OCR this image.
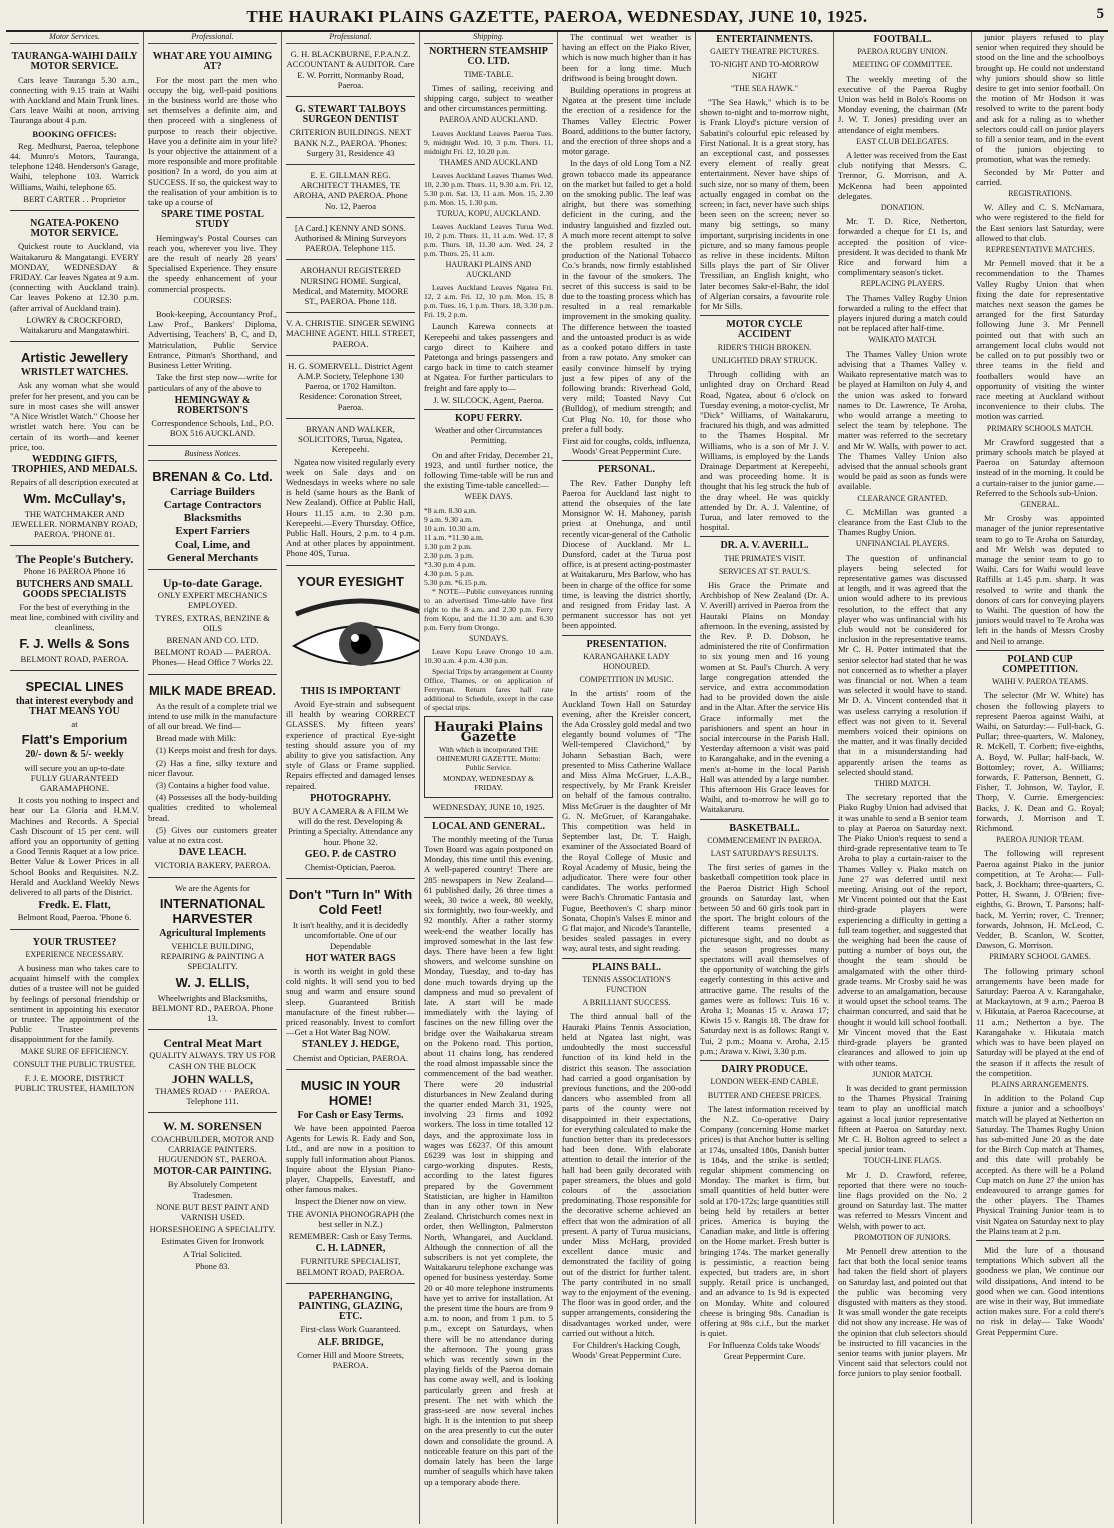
THE HAURAKI PLAINS GAZETTE, PAEROA, WEDNESDAY, JUNE 10, 1925.	5
Motor Services.
TAURANGA-WAIHI DAILY MOTOR SERVICE.

Cars leave Tauranga 5.30 a.m., connecting with 9.15 train at Waihi with Auckland and Main Trunk lines. Cars leave Waihi at noon, arriving Tauranga about 4 p.m.

BOOKING OFFICES:

Reg. Medhurst, Paeroa, telephone 44. Munro's Motors, Tauranga, telephone 1248. Henderson's Garage, Waihi, telephone 103. Warrick Williams, Waihi, telephone 65.

BERT CARTER . . Proprietor

NGATEA-POKENO MOTOR SERVICE.

Quickest route to Auckland, via Waitakaruru & Mangatangi. EVERY MONDAY, WEDNESDAY & FRIDAY. Car leaves Ngatea at 9 a.m. (connecting with Auckland train). Car leaves Pokeno at 12.30 p.m. (after arrival of Auckland train).

LOWRY & CROCKFORD, Waitakaruru and Mangatawhiri.

Artistic Jewellery
WRISTLET WATCHES.

Ask any woman what she would prefer for her present, and you can be sure in most cases she will answer "A Nice Wristlet Watch." Choose her wristlet watch here. You can be certain of its worth—and keener price, too.

WEDDING GIFTS, TROPHIES, AND MEDALS.

Repairs of all description executed at

Wm. McCullay's,

THE WATCHMAKER AND JEWELLER. NORMANBY ROAD, PAEROA. 'PHONE 81.

The People's Butchery.

Phone 16 PAEROA Phone 16

BUTCHERS AND SMALL GOODS SPECIALISTS

For the best of everything in the meat line, combined with civility and cleanliness,

F. J. Wells & Sons

BELMONT ROAD, PAEROA.

SPECIAL LINES
that interest everybody and THAT MEANS YOU

at

Flatt's Emporium
20/- down & 5/- weekly

will secure you an up-to-date FULLY GUARANTEED GARAMAPHONE.

It costs you nothing to inspect and hear our La Gloria and H.M.V. Machines and Records. A Special Cash Discount of 15 per cent. will afford you an opportunity of getting a Good Tennis Raquet at a low price. Better Value & Lower Prices in all School Books and Requisites. N.Z. Herald and Auckland Weekly News delivered to all parts of the District.

Fredk. E. Flatt,

Belmont Road, Paeroa. 'Phone 6.

YOUR TRUSTEE?
EXPERIENCE NECESSARY.

A business man who takes care to acquaint himself with the complex duties of a trustee will not be guided by feelings of personal friendship or sentiment in appointing his executor or trustee. The appointment of the Public Trustee prevents disappointment for the family.

MAKE SURE OF EFFICIENCY.
CONSULT THE PUBLIC TRUSTEE.

F. J. E. MOORE, DISTRICT PUBLIC TRUSTEE, HAMILTON

Professional.
WHAT ARE YOU AIMING AT?

For the most part the men who occupy the big, well-paid positions in the business world are those who set themselves a definite aim, and then proceed with a singleness of purpose to reach their objective. Have you a definite aim in your life? Is your objective the attainment of a more responsible and more profitable position? In a word, do you aim at SUCCESS. If so, the quickest way to the realisation of your ambition is to take up a course of

SPARE TIME POSTAL STUDY

Hemingway's Postal Courses can reach you, wherever you live. They are the result of nearly 28 years' Specialised Experience. They ensure the speedy enhancement of your commercial prospects.

COURSES:

Book-keeping, Accountancy Prof., Law Prof., Bankers' Diploma, Advertising, Teachers' B, C, and D, Matriculation, Public Service Entrance, Pitman's Shorthand, and Business Letter Writing.

Take the first step now—write for particulars of any of the above to

HEMINGWAY & ROBERTSON'S

Correspondence Schools, Ltd., P.O. BOX 516 AUCKLAND.

Business Notices.
BRENAN & Co. Ltd.
Carriage Builders
Cartage Contractors
Blacksmiths
Expert Farriers
Coal, Lime, and
General Merchants
Up-to-date Garage.

ONLY EXPERT MECHANICS EMPLOYED.

TYRES, EXTRAS, BENZINE & OILS

BRENAN AND CO. LTD.

BELMONT ROAD — PAEROA. Phones— Head Office 7 Works 22.

MILK MADE BREAD.

As the result of a complete trial we intend to use milk in the manufacture of all our bread. We find—

Bread made with Milk:

(1) Keeps moist and fresh for days.

(2) Has a fine, silky texture and nicer flavour.

(3) Contains a higher food value.

(4) Possesses all the body-building qualities credited to wholemeal bread.

(5) Gives our customers greater value at no extra cost.

DAVE LEACH.

VICTORIA BAKERY, PAEROA.

We are the Agents for

INTERNATIONAL HARVESTER
Agricultural Implements

VEHICLE BUILDING, REPAIRING & PAINTING A SPECIALITY.

W. J. ELLIS,

Wheelwrights and Blacksmiths, BELMONT RD., PAEROA. Phone 13.

Central Meat Mart

QUALITY ALWAYS. TRY US FOR CASH ON THE BLOCK

JOHN WALLS,

THAMES ROAD · · · PAEROA. Telephone 111.

W. M. SORENSEN

COACHBUILDER, MOTOR AND CARRIAGE PAINTERS. HUGUENDON ST., PAEROA.

MOTOR-CAR PAINTING.

By Absolutely Competent Tradesmen.

NONE BUT BEST PAINT AND VARNISH USED.

HORSESHOEING A SPECIALITY.

Estimates Given for Ironwork

A Trial Solicited.

Phone 83.

Professional.

G. H. BLACKBURNE, F.P.A.N.Z. ACCOUNTANT & AUDITOR. Care E. W. Porritt, Normanby Road, Paeroa.

G. STEWART TALBOYS SURGEON DENTIST

CRITERION BUILDINGS. NEXT BANK N.Z., PAEROA. 'Phones: Surgery 31, Residence 43

E. E. GILLMAN REG. ARCHITECT THAMES, TE AROHA, AND PAEROA. Phone No. 12, Paeroa

[A Card.] KENNY AND SONS. Authorised & Mining Surveyors PAEROA. Telephone 115.

AROHANUI REGISTERED NURSING HOME. Surgical, Medical, and Maternity. MOORE ST., PAEROA. Phone 118.

V. A. CHRISTIE. SINGER SEWING MACHINE AGENT. HILL STREET, PAEROA.

H. G. SOMERVELL. District Agent A.M.P. Society, Telephone 130 Paeroa, or 1702 Hamilton. Residence: Coronation Street, Paeroa.

BRYAN AND WALKER, SOLICITORS, Turua, Ngatea, Kerepeehi.

Ngatea now visited regularly every week on Sale days and on Wednesdays in weeks where no sale is held (same hours as the Bank of New Zealand). Office at Public Hall, Hours 11.15 a.m. to 2.30 p.m. Kerepeehi.—Every Thursday. Office, Public Hall. Hours, 2 p.m. to 4 p.m. And at other places by appointment. Phone 40S, Turua.

YOUR EYESIGHT
THIS IS IMPORTANT

Avoid Eye-strain and subsequent ill health by wearing CORRECT GLASSES. My fifteen years' experience of practical Eye-sight testing should assure you of my ability to give you satisfaction. Any style of Glass or Frame supplied. Repairs effected and damaged lenses repaired.

PHOTOGRAPHY.

BUY A CAMERA & A FILM We will do the rest. Developing & Printing a Specialty. Attendance any hour. Phone 32.

GEO. P. de CASTRO

Chemist-Optician, Paeroa.

Don't "Turn In" With Cold Feet!

It isn't healthy, and it is decidedly uncomfortable. One of our Dependable

HOT WATER BAGS

is worth its weight in gold these cold nights. It will send you to bed snug and warm and ensure sound sleep. Guaranteed British manufacture of the finest rubber—priced reasonably. Invest to comfort—Get a Hot Water Bag NOW.

STANLEY J. HEDGE,

Chemist and Optician, PAEROA.

MUSIC IN YOUR HOME!
For Cash or Easy Terms.

We have been appointed Paeroa Agents for Lewis R. Eady and Son, Ltd., and are now in a position to supply full information about Pianos. Inquire about the Elysian Piano-player, Chappells, Eavestaff, and other famous makes.

Inspect the Diener now on view.

THE AVONIA PHONOGRAPH (the best seller in N.Z.)

REMEMBER: Cash or Easy Terms.

C. H. LADNER,

FURNITURE SPECIALIST, BELMONT ROAD, PAEROA.

PAPERHANGING, PAINTING, GLAZING, ETC.

First-class Work Guaranteed.

ALF. BRIDGE,

Corner Hill and Moore Streets, PAEROA.

Shipping.
NORTHERN STEAMSHIP CO. LTD.
TIME-TABLE.

Times of sailing, receiving and shipping cargo, subject to weather and other circumstances permitting.

PAEROA AND AUCKLAND.

Leaves Auckland Leaves Paeroa Tues. 9, midnight Wed. 10, 3 p.m. Thurs. 11, midnight Fri. 12, 10.20 p.m.

THAMES AND AUCKLAND

Leaves Auckland Leaves Thames Wed. 10, 2.30 p.m. Thurs. 11, 9.30 a.m. Fri. 12, 5.30 p.m. Sat. 13, 11 a.m. Mon. 15, 2.30 p.m. Mon. 15, 1.30 p.m.

TURUA, KOPU, AUCKLAND.

Leaves Auckland Leaves Turua Wed. 10, 2 p.m. Thurs. 11, 11 a.m. Wed. 17, 8 p.m. Thurs. 18, 11.30 a.m. Wed. 24, 2 p.m. Thurs. 25, 11 a.m.

HAURAKI PLAINS AND AUCKLAND

Leaves Auckland Leaves Ngatea Fri. 12, 2 a.m. Fri. 12, 10 p.m. Mon. 15, 8 p.m. Tues. 16, 1 p.m. Thurs. 18, 3.30 p.m. Fri. 19, 2 p.m.

Launch Karewa connects at Kerepeehi and takes passengers and cargo direct to Kaihere and Patetonga and brings passengers and cargo back in time to catch steamer at Ngatea. For further particulars to freight and fare apply to—

J. W. SILCOCK, Agent, Paeroa.

KOPU FERRY.
Weather and other Circumstances Permitting.

On and after Friday, December 21, 1923, and until further notice, the following Time-table will be run and the existing Time-table cancelled:—

WEEK DAYS.
*8 a.m. 8.30 a.m.
9 a.m. 9.30 a.m.
10 a.m. 10.30 a.m.
11 a.m. *11.30 a.m.
1.30 p.m 2 p.m.
2.30 p.m. 3 p.m.
*3.30 p.m 4 p.m.
4.30 p.m. 5 p.m.
5.30 p.m. *6.15 p.m.

* NOTE—Public conveyances running to an advertised Time-table have first right to the 8 a.m. and 2.30 p.m. Ferry from Kopu, and the 11.30 a.m. and 6.30 p.m. Ferry from Orongo.

SUNDAYS.

Leave Kopu Leave Orongo 10 a.m. 10.30 a.m. 4 p.m. 4.30 p.m.

Special Trips by arrangement at County Office, Thames, or on application of Ferryman. Return fares half rate additional to Schedule, except in the case of special trips.

Hauraki Plains Gazette

With which is incorporated THE OHINEMURI GAZETTE. Motto: Public Service.

MONDAY, WEDNESDAY & FRIDAY.

WEDNESDAY, JUNE 10, 1925.

LOCAL AND GENERAL.

The monthly meeting of the Turua Town Board was again postponed on Monday, this time until this evening. A well-papered country! There are 285 newspapers in New Zealand—61 published daily, 26 three times a week, 30 twice a week, 80 weekly, six fortnightly, two four-weekly, and 92 monthly. After a rather stormy week-end the weather locally has improved somewhat in the last few days. There have been a few light showers, and welcome sunshine on Monday, Tuesday, and to-day has done much towards drying up the dampness and mud so prevalent of late. A start will be made immediately with the laying of fascines on the new filling over the bridge over the Waihakarua stream on the Pokeno road. This portion, about 11 chains long, has rendered the road almost impassable since the commencement of the bad weather. There were 20 industrial disturbances in New Zealand during the quarter ended March 31, 1925, involving 23 firms and 1092 workers. The loss in time totalled 12 days, and the approximate loss in wages was £6237. Of this amount £6239 was lost in shipping and cargo-working disputes. Rests, according to the latest figures prepared by the Government Statistician, are higher in Hamilton than in any other town in New Zealand. Christchurch comes next in order, then Wellington, Palmerston North, Whangarei, and Auckland. Although the connection of all the subscribers is not yet complete, the Waitakaruru telephone exchange was opened for business yesterday. Some 20 or 40 more telephone instruments have yet to arrive for installation. At the present time the hours are from 9 a.m. to noon, and from 1 p.m. to 5 p.m., except on Saturdays, when there will be no attendance during the afternoon. The young grass which was recently sown in the playing fields of the Paeroa domain has come away well, and is looking particularly green and fresh at present. The net with which the grass-seed are now several inches high. It is the intention to put sheep on the area presently to cut the outer down and consolidate the ground. A noticeable feature on this part of the domain lately has been the large number of seagulls which have taken up a temporary abode there.

The continual wet weather is having an effect on the Piako River, which is now much higher than it has been for a long time. Much driftwood is being brought down.

Building operations in progress at Ngatea at the present time include the erection of a residence for the Thames Valley Electric Power Board, additions to the butter factory, and the erection of three shops and a motor garage.

In the days of old Long Tom a NZ grown tobacco made its appearance on the market but failed to get a hold on the smoking public. The leaf was alright, but there was something deficient in the curing, and the industry languished and fizzled out. A much more recent attempt to solve the problem resulted in the production of the National Tobacco Co.'s brands, now firmly established in the favour of the smokers. The secret of this success is said to be due to the toasting process which has resulted in a real remarkable improvement in the smoking quality. The difference between the toasted and the untoasted product is as wide as a cooked potato differs in taste from a raw potato. Any smoker can easily convince himself by trying just a few pipes of any of the following brands: Riverhead Gold, very mild; Toasted Navy Cut (Bulldog), of medium strength; and Cut Plug No. 10, for those who prefer a full body.

First aid for coughs, colds, influenza, Woods' Great Peppermint Cure.

PERSONAL.

The Rev. Father Dunphy left Paeroa for Auckland last night to attend the obsequies of the late Monsignor W. H. Mahoney, parish priest at Onehunga, and until recently vicar-general of the Catholic Diocese of Auckland. Mr L. Dunsford, cadet at the Turua post office, is at present acting-postmaster at Waitakaruru, Mrs Barlow, who has been in charge of the office for some time, is leaving the district shortly, and resigned from Friday last. A permanent successor has not yet been appointed.

PRESENTATION.
KARANGAHAKE LADY HONOURED.
COMPETITION IN MUSIC.

In the artists' room of the Auckland Town Hall on Saturday evening, after the Kreisler concert, the Ada Crossley gold medal and two elegantly bound volumes of "The Well-tempered Clavichord," by Johann Sebastian Bach, were presented to Miss Catherine Wallace and Miss Alma McGruer, L.A.B., respectively, by Mr Frank Kreisler on behalf of the famous contralto. Miss McGruer is the daughter of Mr G. N. McGruer, of Karangahake. This competition was held in September last, Dr. T. Haigh, examiner of the Associated Board of the Royal College of Music and Royal Academy of Music, being the adjudicator. There were four other candidates. The works performed were Bach's Chromatic Fantasia and Fugue, Beethoven's C sharp minor Sonata, Chopin's Valses E minor and G flat major, and Nicode's Tarantelle, besides sealed passages in every way, aural tests, and sight reading.

PLAINS BALL.
TENNIS ASSOCIATION'S FUNCTION
A BRILLIANT SUCCESS.

The third annual ball of the Hauraki Plains Tennis Association, held at Ngatea last night, was undoubtedly the most successful function of its kind held in the district this season. The association had carried a good organisation by previous functions, and the 200-odd dancers who assembled from all parts of the county were not disappointed in their expectations, for everything calculated to make the function better than its predecessors had been done. With elaborate attention to detail the interior of the hall had been gaily decorated with paper streamers, the blues and gold colours of the association predominating. Those responsible for the decorative scheme achieved an effect that won the admiration of all present. A party of Turua musicians, under Miss McHarg, provided excellent dance music and demonstrated the facility of going out of the district for further talent. The party contributed in no small way to the enjoyment of the evening. The floor was in good order, and the supper arrangements, considering the disadvantages worked under, were carried out without a hitch.

For Children's Hacking Cough, Woods' Great Peppermint Cure.

ENTERTAINMENTS.
GAIETY THEATRE PICTURES.
TO-NIGHT AND TO-MORROW NIGHT
"THE SEA HAWK."

"The Sea Hawk," which is to be shown to-night and to-morrow night, is Frank Lloyd's picture version of Sabatini's colourful epic released by First National. It is a great story, has an exceptional cast, and possesses every element of really great entertainment. Never have ships of such size, nor so many of them, been actually engaged in combat on the screen; in fact, never have such ships been seen on the screen; never so many big settings, so many important, surprising incidents in one picture, and so many famous people as relive in these incidents. Milton Sills plays the part of Sir Oliver Tressilian, an English knight, who later becomes Sakr-el-Bahr, the idol of Algerian corsairs, a favourite role for Mr Sills.

MOTOR CYCLE ACCIDENT
RIDER'S THIGH BROKEN.
UNLIGHTED DRAY STRUCK.

Through colliding with an unlighted dray on Orchard Read Road, Ngatea, about 6 o'clock on Tuesday evening, a motor-cyclist, Mr "Dick" Williams, of Waitakaruru, fractured his thigh, and was admitted to the Thames Hospital. Mr Williams, who is a son of Mr J. V. Williams, is employed by the Lands Drainage Department at Kerepeehi, and was proceeding home. It is thought that his leg struck the hub of the dray wheel. He was quickly attended by Dr. A. J. Valentine, of Turua, and later removed to the hospital.

DR. A. V. AVERILL.
THE PRIMATE'S VISIT.
SERVICES AT ST. PAUL'S.

His Grace the Primate and Archbishop of New Zealand (Dr. A. V. Averill) arrived in Paeroa from the Hauraki Plains on Monday afternoon. In the evening, assisted by the Rev. P. D. Dobson, he administered the rite of Confirmation to six young men and 16 young women at St. Paul's Church. A very large congregation attended the service, and extra accommodation had to be provided down the aisle and in the Altar. After the service His Grace informally met the parishioners and spent an hour in social intercourse in the Parish Hall. Yesterday afternoon a visit was paid to Karangahake, and in the evening a men's at-home in the local Parish Hall was attended by a large number. This afternoon His Grace leaves for Waihi, and to-morrow he will go to Waitakaruru.

BASKETBALL.
COMMENCEMENT IN PAEROA.
LAST SATURDAY'S RESULTS.

The first series of games in the basketball competition took place in the Paeroa District High School grounds on Saturday last, when between 50 and 60 girls took part in the sport. The bright colours of the different teams presented a picturesque sight, and no doubt as the season progresses many spectators will avail themselves of the opportunity of watching the girls eagerly contesting in this active and attractive game. The results of the games were as follows: Tuis 16 v. Aroha 1; Moanas 15 v. Arawa 17; Kiwis 15 v. Rangis 18. The draw for Saturday next is as follows: Rangi v. Tui, 2 p.m.; Moana v. Aroha, 2.15 p.m.; Arawa v. Kiwi, 3.30 p.m.

DAIRY PRODUCE.
LONDON WEEK-END CABLE.
BUTTER AND CHEESE PRICES.

The latest information received by the N.Z. Co-operative Dairy Company (concerning Home market prices) is that Anchor butter is selling at 174s, unsalted 180s, Danish butter is 184s, and the strike is settled; regular shipment commencing on Monday. The market is firm, but small quantities of held butter were sold at 170-172s; large quantities still being held by retailers at better prices. America is buying the Canadian make, and little is offering on the Home market. Fresh butter is bringing 174s. The market generally is pessimistic, a reaction being expected, but traders are, in short supply. Retail price is unchanged, and an advance to 1s 9d is expected on Monday. White and coloured cheese is bringing 98s. Canadian is offering at 98s c.i.f., but the market is quiet.

For Influenza Colds take Woods' Great Peppermint Cure.

FOOTBALL.
PAEROA RUGBY UNION.
MEETING OF COMMITTEE.

The weekly meeting of the executive of the Paeroa Rugby Union was held in Bolo's Rooms on Monday evening, the chairman (Mr J. W. T. Jones) presiding over an attendance of eight members.

EAST CLUB DELEGATES.

A letter was received from the East club notifying that Messrs. C. Trennor, G. Morrison, and A. McKenna had been appointed delegates.

DONATION.

Mr. T. D. Rice, Netherton, forwarded a cheque for £1 1s, and accepted the position of vice-president. It was decided to thank Mr Rice and forward him a complimentary season's ticket.

REPLACING PLAYERS.

The Thames Valley Rugby Union forwarded a ruling to the effect that players injured during a match could not be replaced after half-time.

WAIKATO MATCH.

The Thames Valley Union wrote advising that a Thames Valley v. Waikato representative match was to be played at Hamilton on July 4, and the union was asked to forward names to Dr. Lawrence, Te Aroha, who would arrange a meeting to select the team by telephone. The matter was referred to the secretary and Mr W. Walls, with power to act. The Thames Valley Union also advised that the annual schools grant would be paid as soon as funds were available.

CLEARANCE GRANTED.

C. McMillan was granted a clearance from the East Club to the Thames Rugby Union.

UNFINANCIAL PLAYERS.

The question of unfinancial players being selected for representative games was discussed at length, and it was agreed that the union would adhere to its previous resolution, to the effect that any player who was unfinancial with his club would not be considered for inclusion in the representative teams. Mr C. H. Potter intimated that the senior selector had stated that he was not concerned as to whether a player was financial or not. When a team was selected it would have to stand. Mr D. A. Vincent contended that it was useless carrying a resolution if effect was not given to it. Several members voiced their opinions on the matter, and it was finally decided that in a misunderstanding had apparently arisen the teams as selected should stand.

THIRD MATCH.

The secretary reported that the Piako Rugby Union had advised that it was unable to send a B senior team to play at Paeroa on Saturday next. The Piako Union's request to send a third-grade representative team to Te Aroha to play a curtain-raiser to the Thames Valley v. Piako match on June 27 was deferred until next meeting. Arising out of the report, Mr Vincent pointed out that the East third-grade players were experiencing a difficulty in getting a full team together, and suggested that the weighing had been the cause of putting a number of boys out, the thought the team should be amalgamated with the other third-grade teams. Mr Crosby said he was adverse to an amalgamation, because it would upset the school teams. The chairman concurred, and said that he thought it would kill school football. Mr Vincent moved that the East third-grade players be granted clearances and allowed to join up with other teams.

JUNIOR MATCH.

It was decided to grant permission to the Thames Physical Training team to play an unofficial match against a local junior representative fifteen at Paeroa on Saturday next. Mr C. H. Bolton agreed to select a special junior team.

TOUCH-LINE FLAGS.

Mr J. D. Crawford, referee, reported that there were no touch-line flags provided on the No. 2 ground on Saturday last. The matter was referred to Messrs Vincent and Welsh, with power to act.

PROMOTION OF JUNIORS.

Mr Pennell drew attention to the fact that both the local senior teams had taken the field short of players on Saturday last, and pointed out that the public was becoming very disgusted with matters as they stood. It was small wonder the gate receipts did not show any increase. He was of the opinion that club selectors should be instructed to fill vacancies in the senior teams with junior players. Mr Vincent said that selectors could not force juniors to play senior football.

junior players refused to play senior when required they should be stood on the line and the schoolboys brought up. He could not understand why juniors should show so little desire to get into senior football. On the motion of Mr Hodson it was resolved to write to the parent body and ask for a ruling as to whether selectors could call on junior players to fill a senior team, and in the event of the juniors objecting to promotion, what was the remedy.

Seconded by Mr Potter and carried.

REGISTRATIONS.

W. Alley and C. S. McNamara, who were registered to the field for the East seniors last Saturday, were allowed to that club.

REPRESENTATIVE MATCHES.

Mr Pennell moved that it be a recommendation to the Thames Valley Rugby Union that when fixing the date for representative matches next season the games be arranged for the first Saturday following June 3. Mr Pennell pointed out that with such an arrangement local clubs would not be called on to put possibly two or three teams in the field and footballers would have an opportunity of visiting the winter race meeting at Auckland without inconvenience to their clubs. The motion was carried.

PRIMARY SCHOOLS MATCH.

Mr Crawford suggested that a primary schools match be played at Paeroa on Saturday afternoon instead of in the morning. It could be a curtain-raiser to the junior game.—Referred to the Schools sub-Union.

GENERAL.

Mr Crosby was appointed manager of the junior representative team to go to Te Aroha on Saturday, and Mr Welsh was deputed to manage the senior team to go to Waihi. Cars for Waihi would leave Raffills at 1.45 p.m. sharp. It was resolved to write and thank the donors of cars for conveying players to Waihi. The question of how the juniors would travel to Te Aroha was left in the hands of Messrs Crosby and Neil to arrange.

POLAND CUP COMPETITION.
WAIHI V. PAEROA TEAMS.

The selector (Mr W. White) has chosen the following players to represent Paeroa against Waihi, at Waihi, on Saturday:— Full-back, G. Pullar; three-quarters, W. Maloney, R. McKell, T. Corbett; five-eighths, A. Boyd, W. Pullar; half-back, W. Bottomley; rover, A. Williams; forwards, F. Patterson, Bennett, G. Fisher, T. Johnson, W. Taylor, F. Thorp, V. Currie. Emergencies: Backs, J. K. Dean and G. Royal; forwards, J. Morrison and T. Richmond.

PAEROA JUNIOR TEAM.

The following will represent Paeroa against Piako in the junior competition, at Te Aroha:— Full-back, J. Bockham; three-quarters, C. Potter, H. Swann, J. O'Brien; five-eighths, G. Brown, T. Parsons; half-back, M. Yerrin; rover, C. Trenner; forwards, Johnson, H. McLeod, C. Vedder, B. Scanlon, W. Scotter, Dawson, G. Morrison.

PRIMARY SCHOOL GAMES.

The following primary school arrangements have been made for Saturday: Paeroa A v. Karangahake, at Mackaytown, at 9 a.m.; Paeroa B v. Hikutaia, at Paeroa Racecourse, at 11 a.m.; Netherton a bye. The Karangahake v. Hikutaia match which was to have been played on Saturday will be played at the end of the season if it affects the result of the competition.

PLAINS ARRANGEMENTS.

In addition to the Poland Cup fixture a junior and a schoolboys' match will be played at Netherton on Saturday. The Thames Rugby Union has sub-mitted June 20 as the date for the Birch Cup match at Thames, and this date will probably be accepted. As there will be a Poland Cup match on June 27 the union has endeavoured to arrange games for the other players. The Thames Physical Training Junior team is to visit Ngatea on Saturday next to play the Plains team at 2 p.m.

Mid the lure of a thousand temptations Which subvert all the goodness we plan, We continue our wild dissipations, And intend to be good when we can. Good intentions are wise in their way, But immediate action makes sure. For a cold there's no risk in delay— Take Woods' Great Peppermint Cure.
